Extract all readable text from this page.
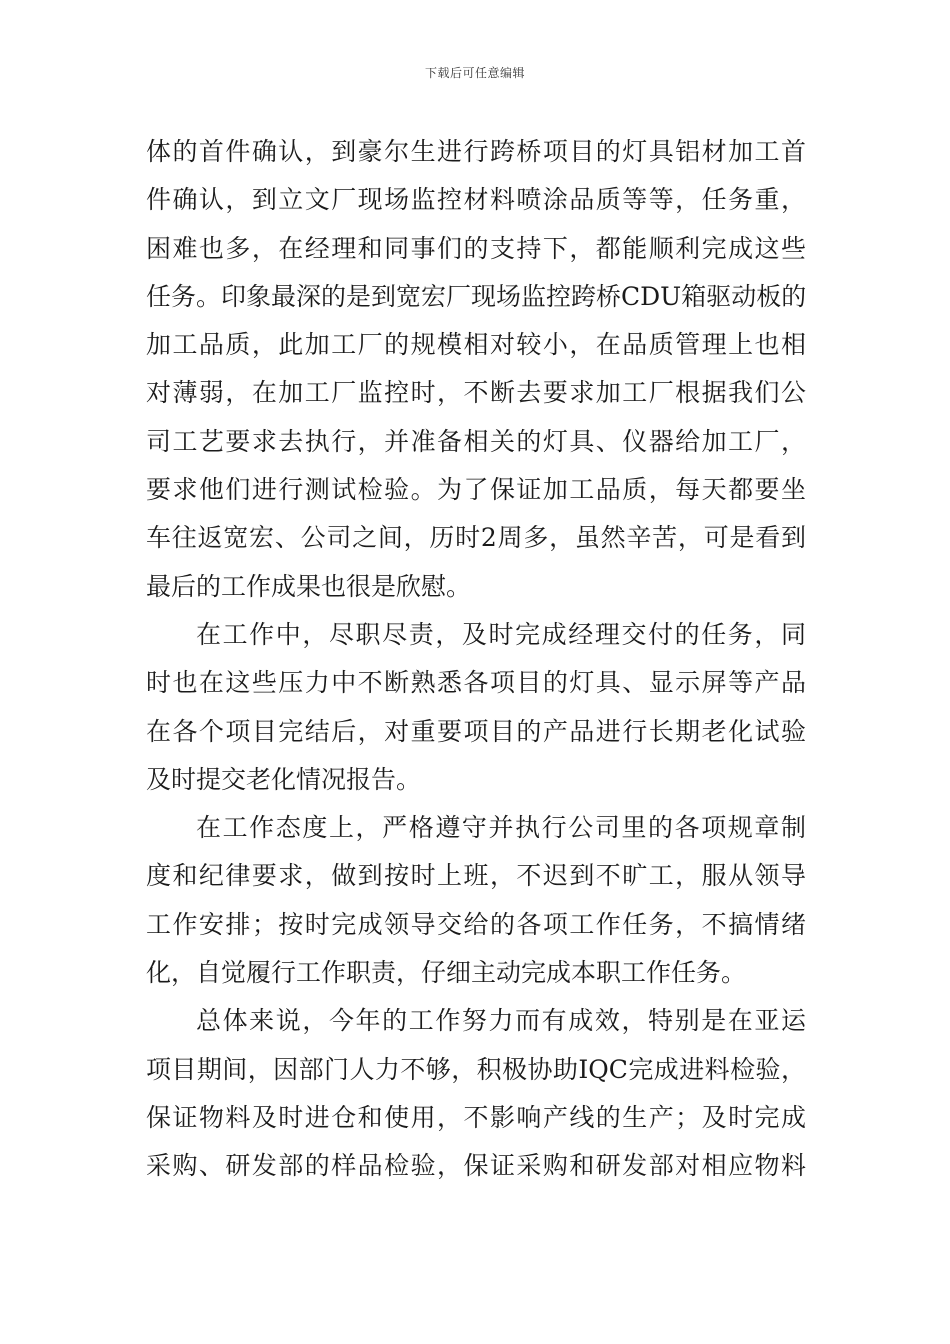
下载后可任意编辑
体的首件确认，到豪尔生进行跨桥项目的灯具铝材加工首
件确认，到立文厂现场监控材料喷涂品质等等，任务重，
困难也多，在经理和同事们的支持下，都能顺利完成这些
任务。印象最深的是到宽宏厂现场监控跨桥CDU箱驱动板的
加工品质，此加工厂的规模相对较小，在品质管理上也相
对薄弱，在加工厂监控时，不断去要求加工厂根据我们公
司工艺要求去执行，并准备相关的灯具、仪器给加工厂，
要求他们进行测试检验。为了保证加工品质，每天都要坐
车往返宽宏、公司之间，历时2周多，虽然辛苦，可是看到
最后的工作成果也很是欣慰。
在工作中，尽职尽责，及时完成经理交付的任务，同
时也在这些压力中不断熟悉各项目的灯具、显示屏等产品
在各个项目完结后，对重要项目的产品进行长期老化试验
及时提交老化情况报告。
在工作态度上，严格遵守并执行公司里的各项规章制
度和纪律要求，做到按时上班，不迟到不旷工，服从领导
工作安排；按时完成领导交给的各项工作任务，不搞情绪
化，自觉履行工作职责，仔细主动完成本职工作任务。
总体来说，今年的工作努力而有成效，特别是在亚运
项目期间，因部门人力不够，积极协助IQC完成进料检验，
保证物料及时进仓和使用，不影响产线的生产；及时完成
采购、研发部的样品检验，保证采购和研发部对相应物料
